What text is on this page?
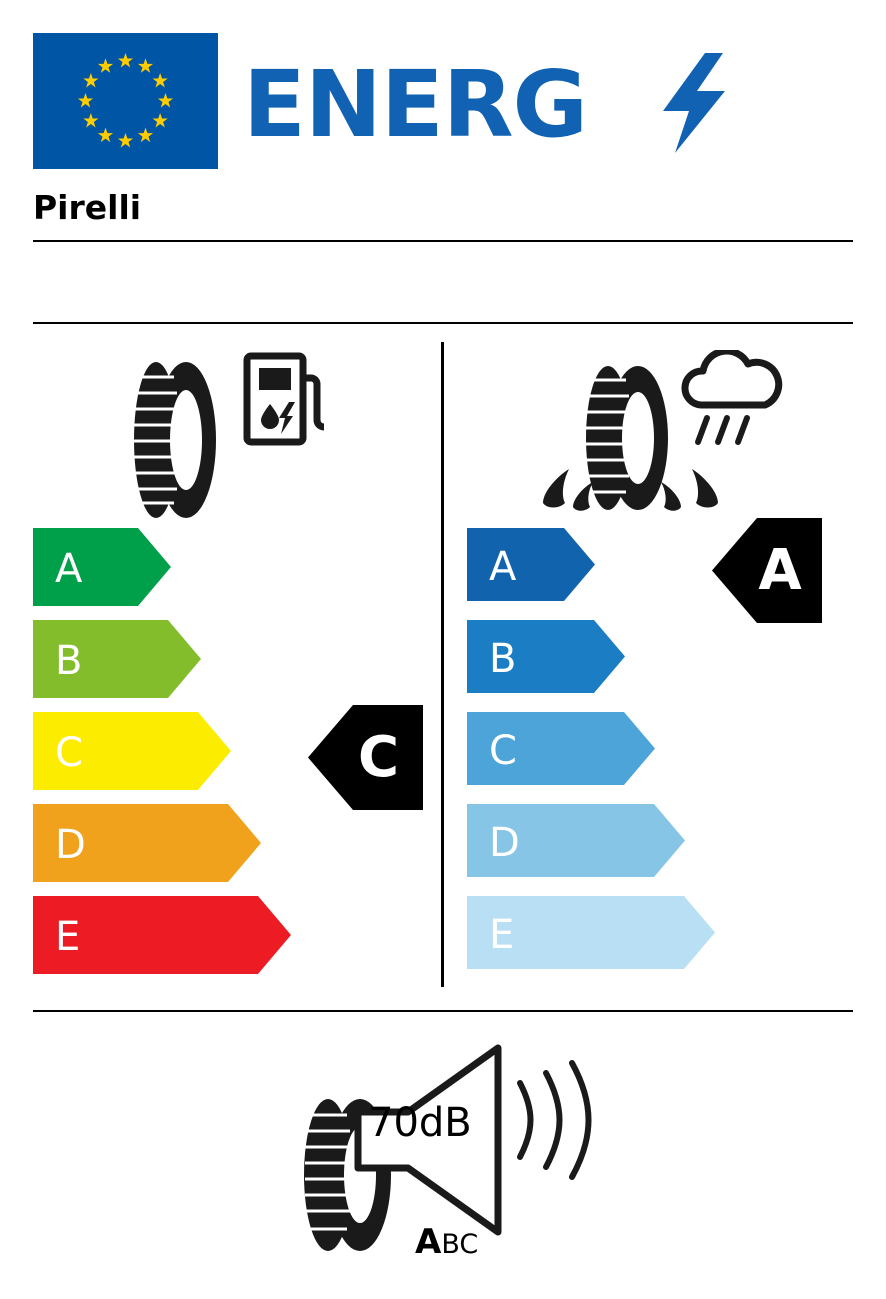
ENERG
Pirelli
A
B
C
D
E
C
A
B
C
D
E
A
70dB
ABC
